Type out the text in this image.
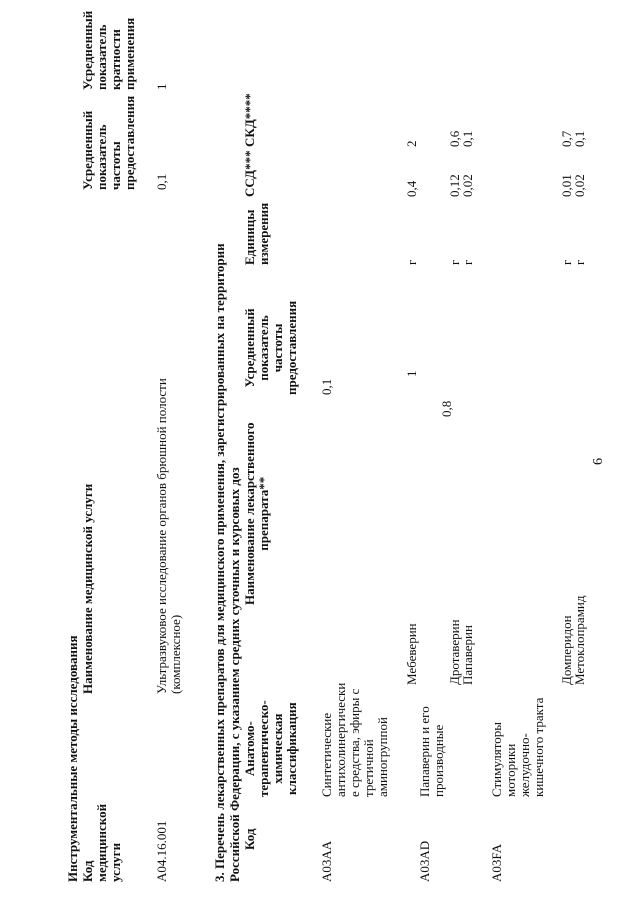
6
Инструментальные методы исследования Код
медицинской
услуги
Наименование медицинской услуги
Усредненный
показатель
частоты
предоставления
Усредненный
показатель
кратности
применения
A04.16.001
Ультразвуковое исследование органов брюшной полости
(комплексное)
0,1
1
3. Перечень лекарственных препаратов для медицинского применения, зарегистрированных на территории Российской Федерации, с указанием средних суточных и курсовых доз Код
Анатомо-
терапевтическо-
химическая
классификация
Наименование лекарственного
препарата**
Усредненный
показатель
частоты
предоставления
Единицы
измерения
ССД***
СКД****
A03AA
Синтетические
антихолинергически
е средства, эфиры с
третичной
аминогруппой
0,1
Мебеверин
1
г
0,4
2
A03AD
Папаверин и его
производные
0,8
Дротаверин
г
0,12
0,6
Папаверин
г
0,02
0,1
A03FA
Стимуляторы
моторики
желудочно-
кишечного тракта
Домперидон
г
0,01
0,7
Метоклопрамид
г
0,02
0,1
